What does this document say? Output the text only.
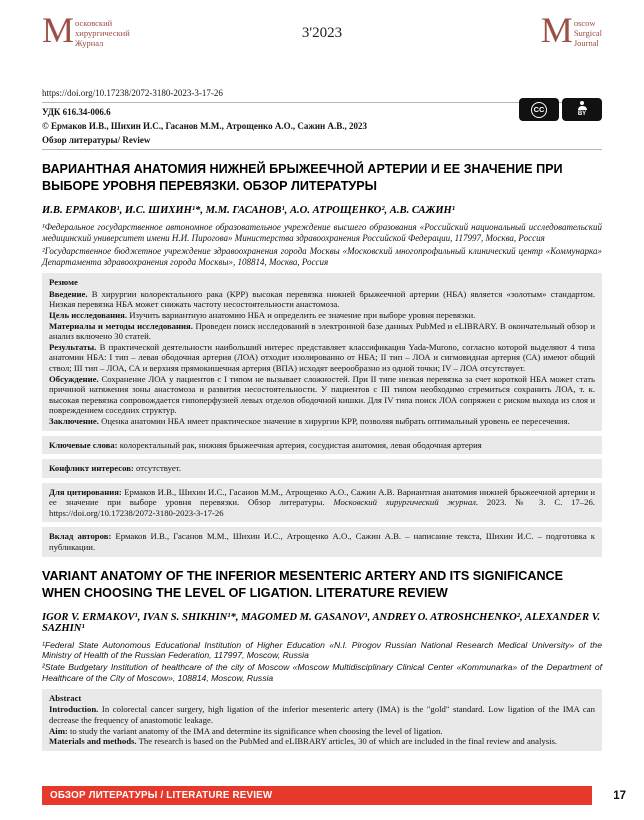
М осковский
хирургический
Журнал
3'2023	M oscow
Surgical
Journal
CC
BY
https://doi.org/10.17238/2072-3180-2023-3-17-26
УДК 616.34-006.6
© Ермаков И.В., Шихин И.С., Гасанов М.М., Атрощенко А.О., Сажин А.В., 2023
Обзор литературы/ Review
ВАРИАНТНАЯ АНАТОМИЯ НИЖНЕЙ БРЫЖЕЕЧНОЙ АРТЕРИИ И ЕЕ ЗНАЧЕНИЕ ПРИ ВЫБОРЕ УРОВНЯ ПЕРЕВЯЗКИ. ОБЗОР ЛИТЕРАТУРЫ
И.В. ЕРМАКОВ¹, И.С. ШИХИН¹*, М.М. ГАСАНОВ¹, А.О. АТРОЩЕНКО², А.В. САЖИН¹

¹Федеральное государственное автономное образовательное учреждение высшего образования «Российский национальный исследовательский медицинский университет имени Н.И. Пирогова» Министерства здравоохранения Российской Федерации, 117997, Москва, Россия

²Государственное бюджетное учреждение здравоохранения города Москвы «Московский многопрофильный клинический центр «Коммунарка» Департамента здравоохранения города Москвы», 108814, Москва, Россия

Резюме

Введение. В хирургии колоректального рака (КРР) высокая перевязка нижней брыжеечной артерии (НБА) является «золотым» стандартом. Низкая перевязка НБА может снижать частоту несостоятельности анастомоза.

Цель исследования. Изучить вариантную анатомию НБА и определить ее значение при выборе уровня перевязки.

Материалы и методы исследования. Проведен поиск исследований в электронной базе данных PubMed и eLIBRARY. В окончательный обзор и анализ включено 30 статей.

Результаты. В практической деятельности наибольший интерес представляет классификация Yada-Murono, согласно которой выделяют 4 типа анатомии НБА: I тип – левая ободочная артерия (ЛОА) отходит изолированно от НБА; II тип – ЛОА и сигмовидная артерия (СА) имеют общий ствол; III тип – ЛОА, СА и верхняя прямокишечная артерия (ВПА) исходят веерообразно из одной точки; IV – ЛОА отсутствует.

Обсуждение. Сохранение ЛОА у пациентов с I типом не вызывает сложностей. При II типе низкая перевязка за счет короткой НБА может стать причиной натяжения зоны анастомоза и развития несостоятельности. У пациентов с III типом необходимо стремиться сохранить ЛОА, т. к. высокая перевязка сопровождается гипоперфузией левых отделов ободочной кишки. Для IV типа поиск ЛОА сопряжен с риском выхода из слоя и повреждением соседних структур.

Заключение. Оценка анатомии НБА имеет практическое значение в хирургии КРР, позволяя выбрать оптимальный уровень ее пересечения.

Ключевые слова: колоректальный рак, нижняя брыжеечная артерия, сосудистая анатомия, левая ободочная артерия

Конфликт интересов: отсутствует.

Для цитирования: Ермаков И.В., Шихин И.С., Гасанов М.М., Атрощенко А.О., Сажин А.В. Вариантная анатомия нижней брыжеечной артерии и ее значение при выборе уровня перевязки. Обзор литературы. Московский хирургический журнал. 2023. № 3. С. 17–26. https://doi.org/10.17238/2072-3180-2023-3-17-26

Вклад авторов: Ермаков И.В., Гасанов М.М., Шихин И.С., Атрощенко А.О., Сажин А.В. – написание текста, Шихин И.С. – подготовка к публикации.

VARIANT ANATOMY OF THE INFERIOR MESENTERIC ARTERY AND ITS SIGNIFICANCE WHEN CHOOSING THE LEVEL OF LIGATION. LITERATURE REVIEW
IGOR V. ERMAKOV¹, IVAN S. SHIKHIN¹*, MAGOMED M. GASANOV¹, ANDREY O. ATROSHCHENKO², ALEXANDER V. SAZHIN¹

¹Federal State Autonomous Educational Institution of Higher Education «N.I. Pirogov Russian National Research Medical University» of the Ministry of Health of the Russian Federation, 117997, Moscow, Russia

²State Budgetary Institution of healthcare of the city of Moscow «Moscow Multidisciplinary Clinical Center «Kommunarka» of the Department of Healthcare of the City of Moscow», 108814, Moscow, Russia

Abstract

Introduction. In colorectal cancer surgery, high ligation of the inferior mesenteric artery (IMA) is the "gold" standard. Low ligation of the IMA can decrease the frequency of anastomotic leakage.

Aim: to study the variant anatomy of the IMA and determine its significance when choosing the level of ligation.

Materials and methods. The research is based on the PubMed and eLIBRARY articles, 30 of which are included in the final review and analysis.

ОБЗОР ЛИТЕРАТУРЫ / LITERATURE REVIEW	17
